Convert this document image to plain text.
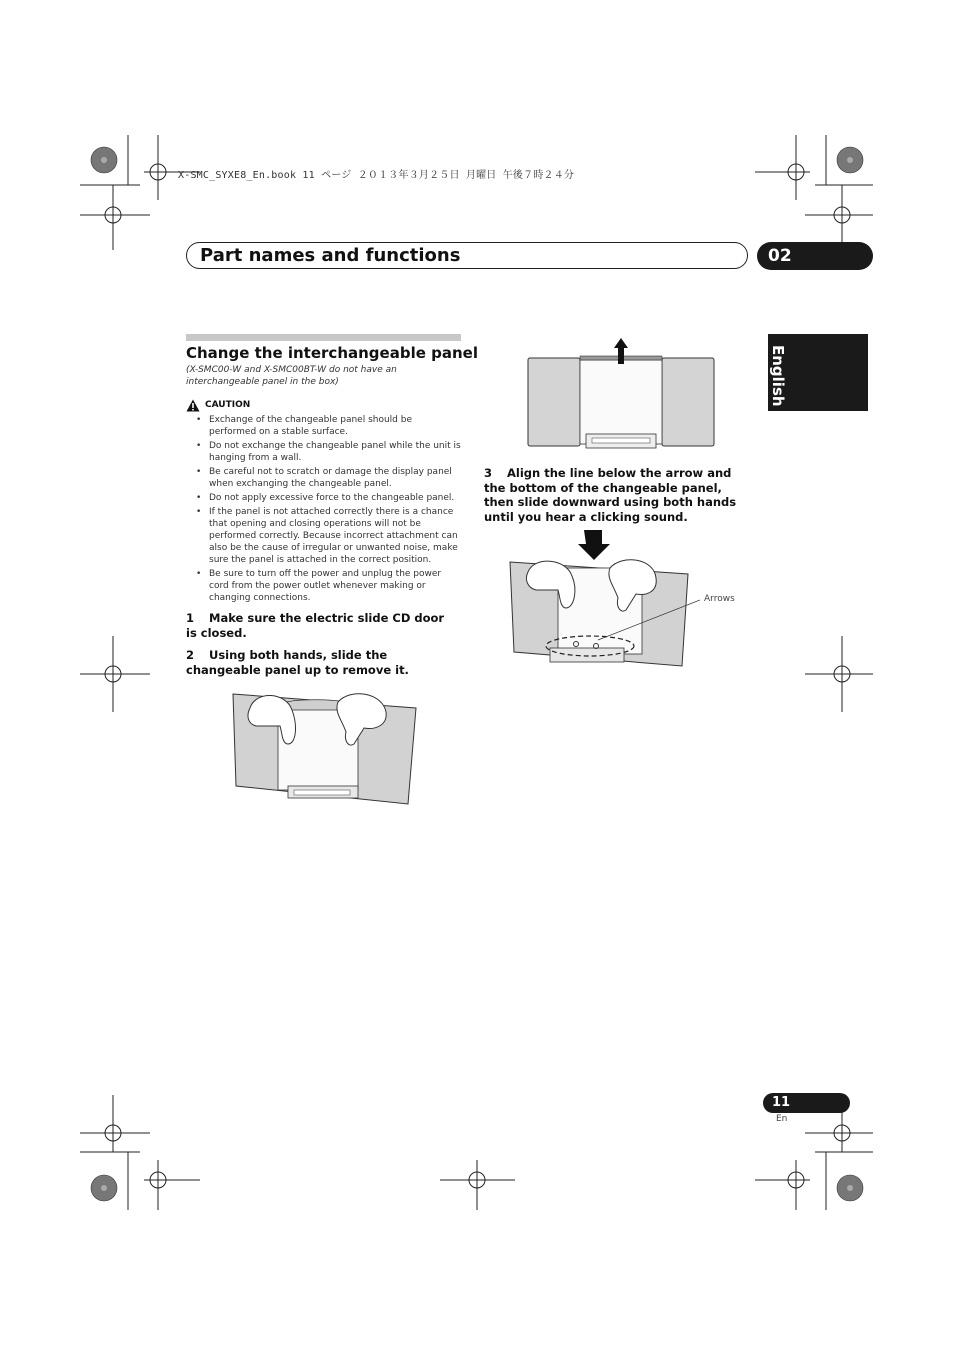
X-SMC_SYXE8_En.book 11 ページ ２０１３年３月２５日 月曜日 午後７時２４分
Part names and functions	02
English
Change the interchangeable panel
(X-SMC00-W and X-SMC00BT-W do not have an interchangeable panel in the box)
CAUTION
• Exchange of the changeable panel should be performed on a stable surface.
• Do not exchange the changeable panel while the unit is hanging from a wall.
• Be careful not to scratch or damage the display panel when exchanging the changeable panel.
• Do not apply excessive force to the changeable panel.
• If the panel is not attached correctly there is a chance that opening and closing operations will not be performed correctly. Because incorrect attachment can also be the cause of irregular or unwanted noise, make sure the panel is attached in the correct position.
• Be sure to turn off the power and unplug the power cord from the power outlet whenever making or changing connections.
1 Make sure the electric slide CD door is closed.
2 Using both hands, slide the changeable panel up to remove it.
3 Align the line below the arrow and the bottom of the changeable panel, then slide downward using both hands until you hear a clicking sound.
Arrows
11
En
